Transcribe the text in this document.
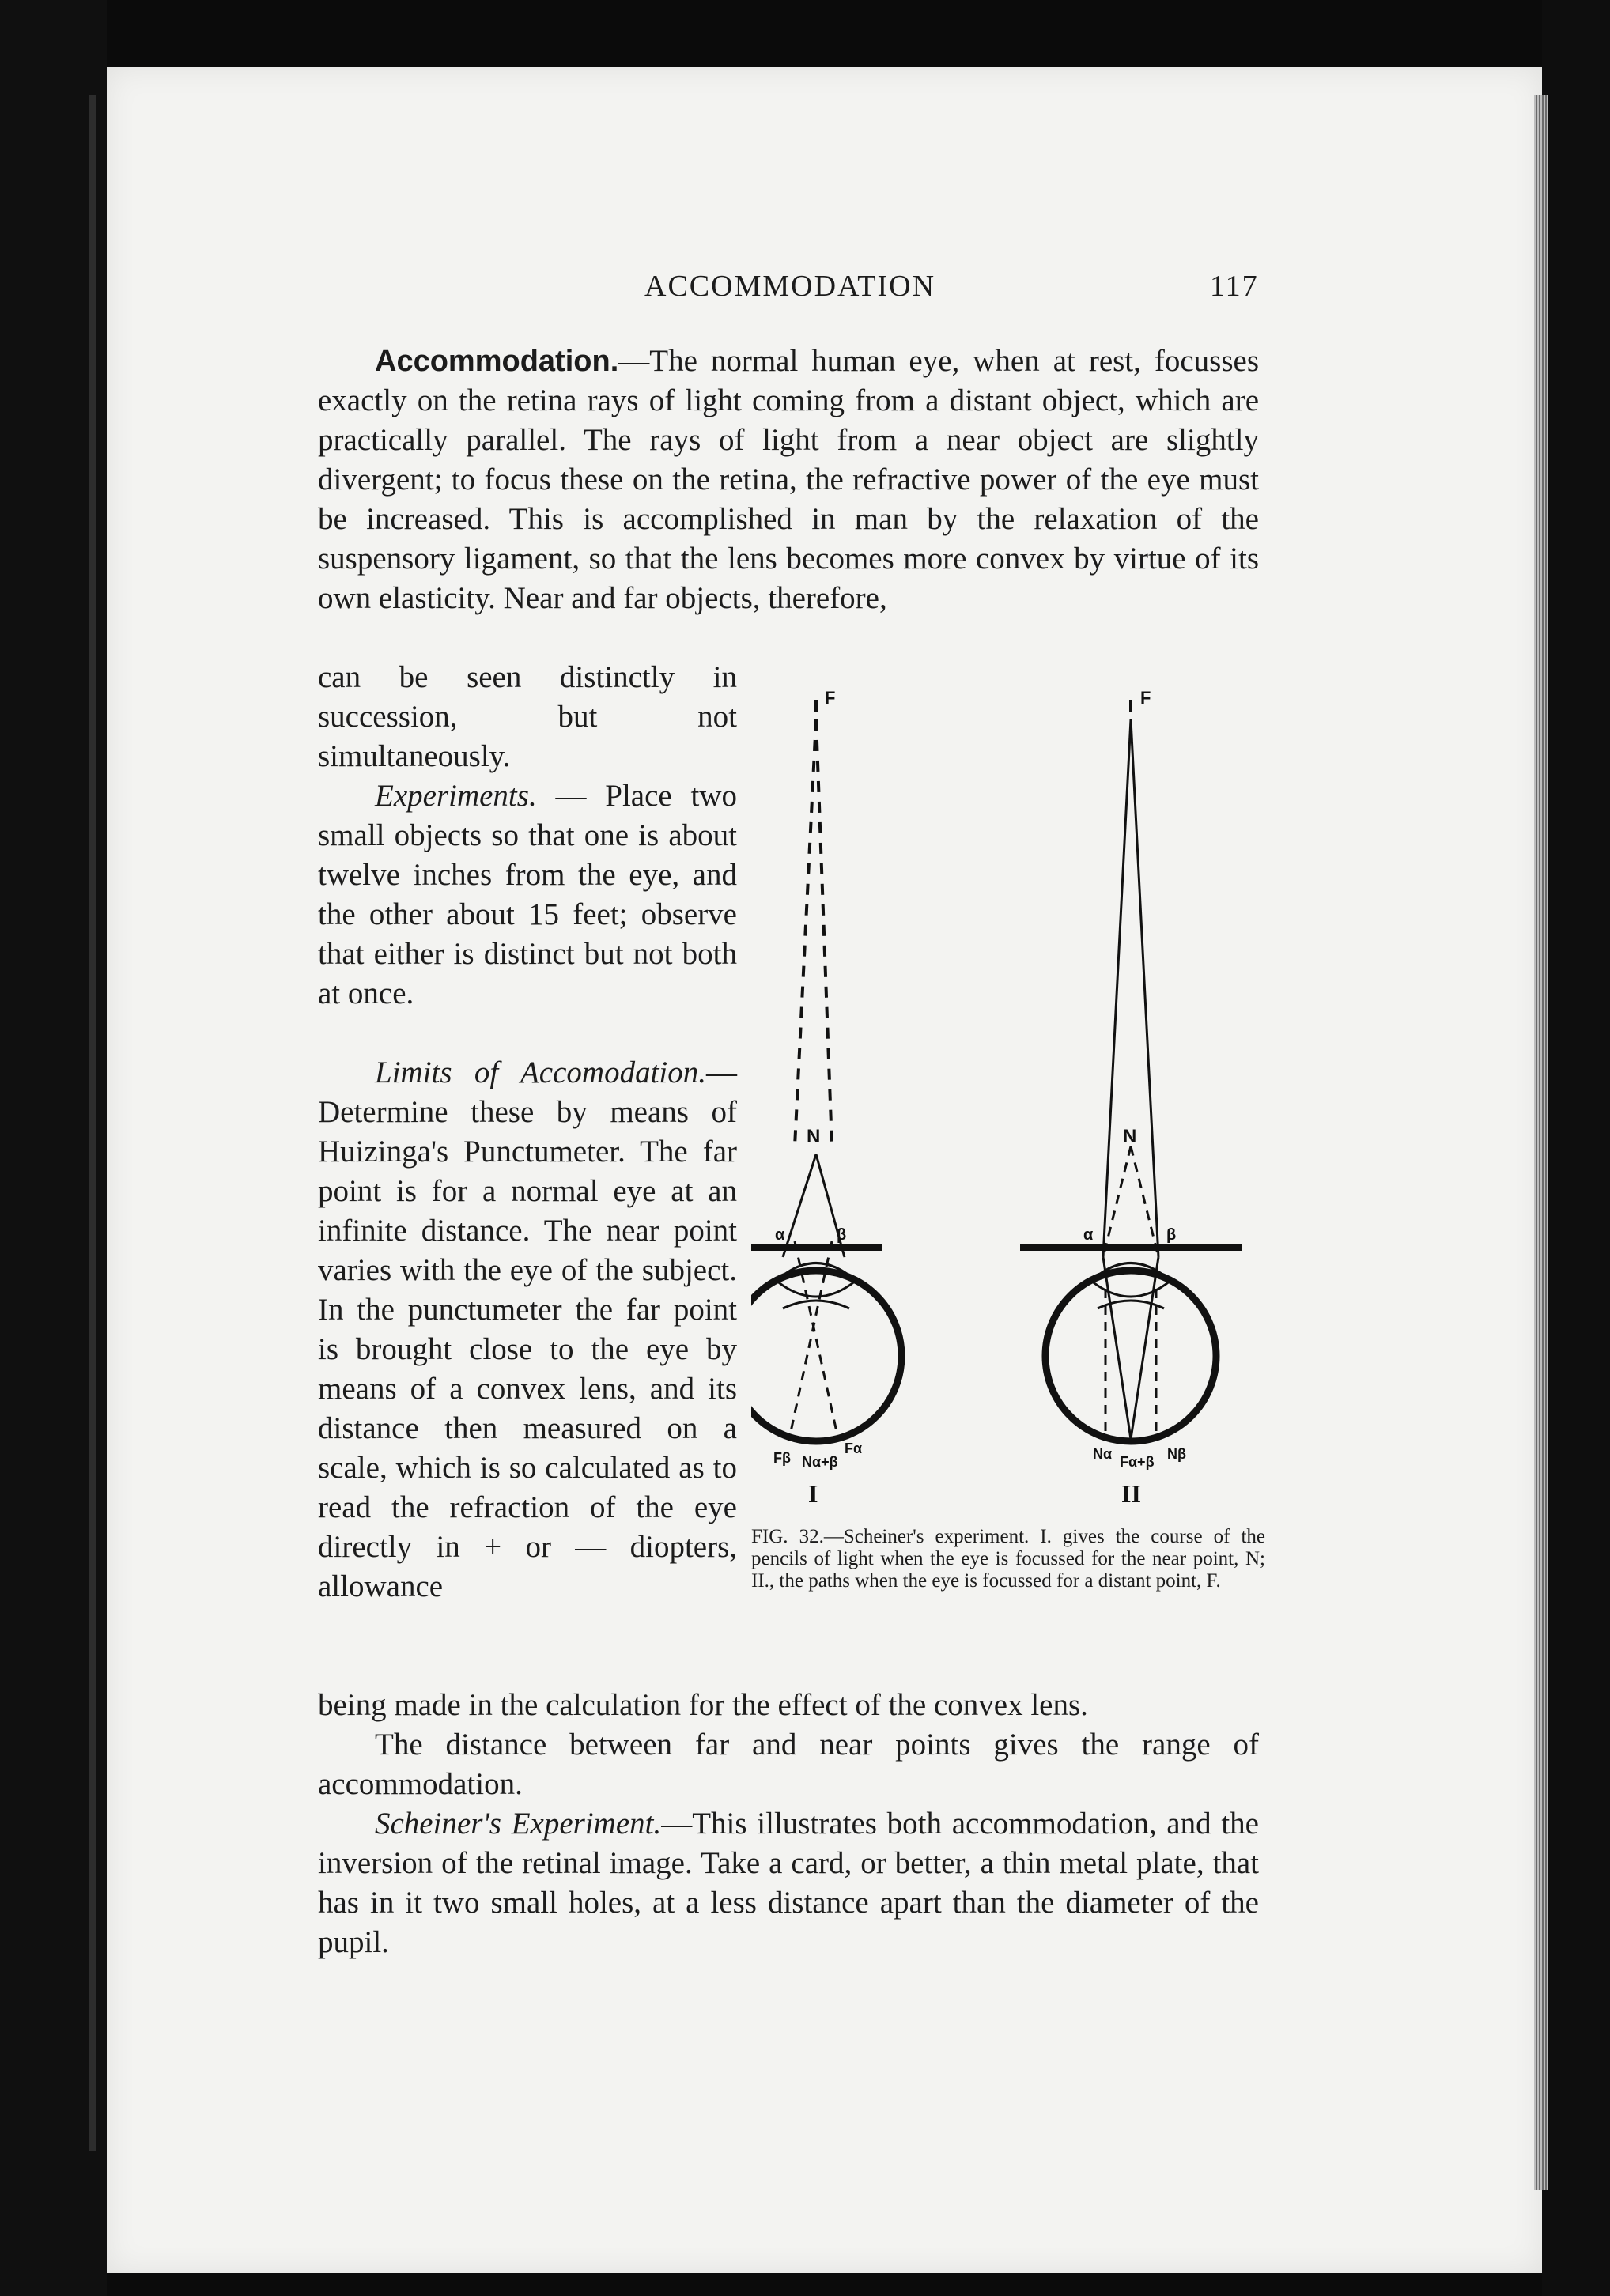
ACCOMMODATION	117
Accommodation.—The normal human eye, when at rest, focusses exactly on the retina rays of light coming from a distant object, which are practically parallel. The rays of light from a near object are slightly divergent; to focus these on the retina, the refractive power of the eye must be increased. This is accomplished in man by the relaxation of the suspensory ligament, so that the lens becomes more convex by virtue of its own elasticity. Near and far objects, therefore,
can be seen distinctly in succession, but not simultaneously.
Experiments. — Place two small objects so that one is about twelve inches from the eye, and the other about 15 feet; observe that either is distinct but not both at once.
Limits of Accomodation.—Determine these by means of Huizinga's Punctumeter. The far point is for a normal eye at an infinite distance. The near point varies with the eye of the subject. In the punctumeter the far point is brought close to the eye by means of a convex lens, and its distance then measured on a scale, which is so calculated as to read the refraction of the eye directly in + or — diopters, allowance
being made in the calculation for the effect of the convex lens.
The distance between far and near points gives the range of accommodation.
Scheiner's Experiment.—This illustrates both accommodation, and the inversion of the retinal image. Take a card, or better, a thin metal plate, that has in it two small holes, at a less distance apart than the diameter of the pupil.
F	F
N	N
α	β	α	β
Fβ
Fα
Nα+β	Nα Fα+β Nβ
I	II
FIG. 32.—Scheiner's experiment. I. gives the course of the pencils of light when the eye is focussed for the near point, N; II., the paths when the eye is focussed for a distant point, F.
